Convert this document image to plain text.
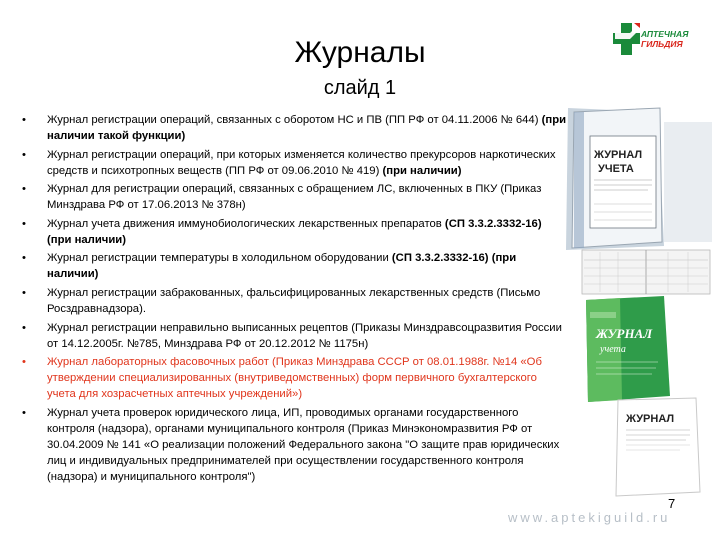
Журналы
слайд 1
АПТЕЧНАЯ
ГИЛЬДИЯ
• Журнал регистрации операций, связанных с оборотом НС и ПВ (ПП РФ от 04.11.2006 № 644) (при наличии такой функции)
• Журнал регистрации операций, при которых изменяется количество прекурсоров наркотических средств и психотропных веществ (ПП РФ от 09.06.2010 № 419) (при наличии)
• Журнал для регистрации операций, связанных с обращением ЛС, включенных в ПКУ (Приказ Минздрава РФ от 17.06.2013 № 378н)
• Журнал учета движения иммунобиологических лекарственных препаратов (СП 3.3.2.3332-16) (при наличии)
• Журнал регистрации температуры в холодильном оборудовании (СП 3.3.2.3332-16) (при наличии)
• Журнал регистрации забракованных, фальсифицированных лекарственных средств (Письмо Росздравнадзора).
• Журнал регистрации неправильно выписанных рецептов (Приказы Минздравсоцразвития России от 14.12.2005г. №785, Минздрава РФ от 20.12.2012 № 1175н)
• Журнал лабораторных фасовочных работ (Приказ Минздрава СССР от 08.01.1988г. №14 «Об утверждении специализированных (внутриведомственных) форм первичного бухгалтерского учета для хозрасчетных аптечных учреждений»)
• Журнал учета проверок юридического лица, ИП, проводимых органами государственного контроля (надзора), органами муниципального контроля (Приказ Минэкономразвития РФ от 30.04.2009 № 141 «О реализации положений Федерального закона "О защите прав юридических лиц и индивидуальных предпринимателей при осуществлении государственного контроля (надзора) и муниципального контроля")
ЖУРНАЛ
УЧЕТА
ЖУРНАЛ
учета
ЖУРНАЛ
7
www.aptekiguild.ru
